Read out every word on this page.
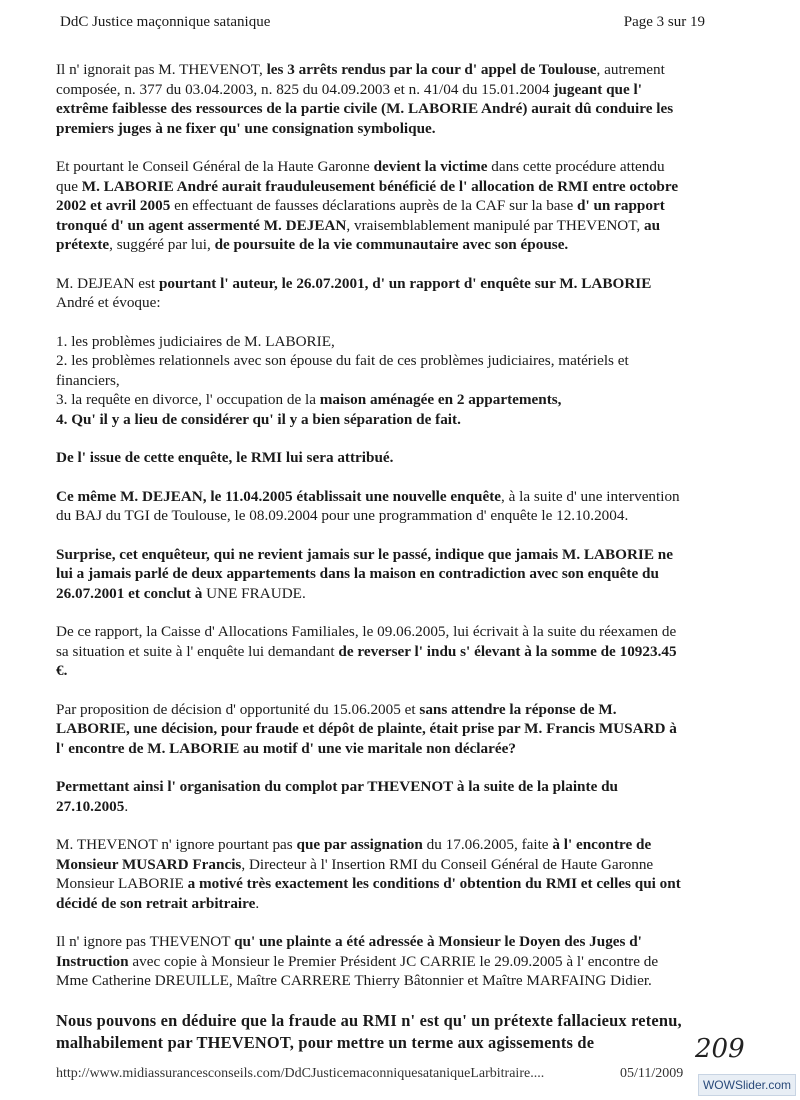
DdC Justice maçonnique satanique	Page 3 sur 19

Il n' ignorait pas M. THEVENOT, les 3 arrêts rendus par la cour d' appel de Toulouse, autrement composée, n. 377 du 03.04.2003, n. 825 du 04.09.2003 et n. 41/04 du 15.01.2004 jugeant que l' extrême faiblesse des ressources de la partie civile (M. LABORIE André) aurait dû conduire les premiers juges à ne fixer qu' une consignation symbolique.

Et pourtant le Conseil Général de la Haute Garonne devient la victime dans cette procédure attendu que M. LABORIE André aurait frauduleusement bénéficié de l' allocation de RMI entre octobre 2002 et avril 2005 en effectuant de fausses déclarations auprès de la CAF sur la base d' un rapport tronqué d' un agent assermenté M. DEJEAN, vraisemblablement manipulé par THEVENOT, au prétexte, suggéré par lui, de poursuite de la vie communautaire avec son épouse.

M. DEJEAN est pourtant l' auteur, le 26.07.2001, d' un rapport d' enquête sur M. LABORIE André et évoque:

1. les problèmes judiciaires de M. LABORIE,
2. les problèmes relationnels avec son épouse du fait de ces problèmes judiciaires, matériels et financiers,
3. la requête en divorce, l' occupation de la maison aménagée en 2 appartements,
4. Qu' il y a lieu de considérer qu' il y a bien séparation de fait.

De l' issue de cette enquête, le RMI lui sera attribué.

Ce même M. DEJEAN, le 11.04.2005 établissait une nouvelle enquête, à la suite d' une intervention du BAJ du TGI de Toulouse, le 08.09.2004 pour une programmation d' enquête le 12.10.2004.

Surprise, cet enquêteur, qui ne revient jamais sur le passé, indique que jamais M. LABORIE ne lui a jamais parlé de deux appartements dans la maison en contradiction avec son enquête du 26.07.2001 et conclut à UNE FRAUDE.

De ce rapport, la Caisse d' Allocations Familiales, le 09.06.2005, lui écrivait à la suite du réexamen de sa situation et suite à l' enquête lui demandant de reverser l' indu s' élevant à la somme de 10923.45 €.

Par proposition de décision d' opportunité du 15.06.2005 et sans attendre la réponse de M. LABORIE, une décision, pour fraude et dépôt de plainte, était prise par M. Francis MUSARD à l' encontre de M. LABORIE au motif d' une vie maritale non déclarée?

Permettant ainsi l' organisation du complot par THEVENOT à la suite de la plainte du 27.10.2005.

M. THEVENOT n' ignore pourtant pas que par assignation du 17.06.2005, faite à l' encontre de Monsieur MUSARD Francis, Directeur à l' Insertion RMI du Conseil Général de Haute Garonne Monsieur LABORIE a motivé très exactement les conditions d' obtention du RMI et celles qui ont décidé de son retrait arbitraire.

Il n' ignore pas THEVENOT qu' une plainte a été adressée à Monsieur le Doyen des Juges d' Instruction avec copie à Monsieur le Premier Président JC CARRIE le 29.09.2005 à l' encontre de Mme Catherine DREUILLE, Maître CARRERE Thierry Bâtonnier et Maître MARFAING Didier.

Nous pouvons en déduire que la fraude au RMI n' est qu' un prétexte fallacieux retenu, malhabilement par THEVENOT, pour mettre un terme aux agissements de	209
http://www.midiassurancesconseils.com/DdCJusticemaconniquesataniqueLarbitraire....	05/11/2009
WOWSlider.com
